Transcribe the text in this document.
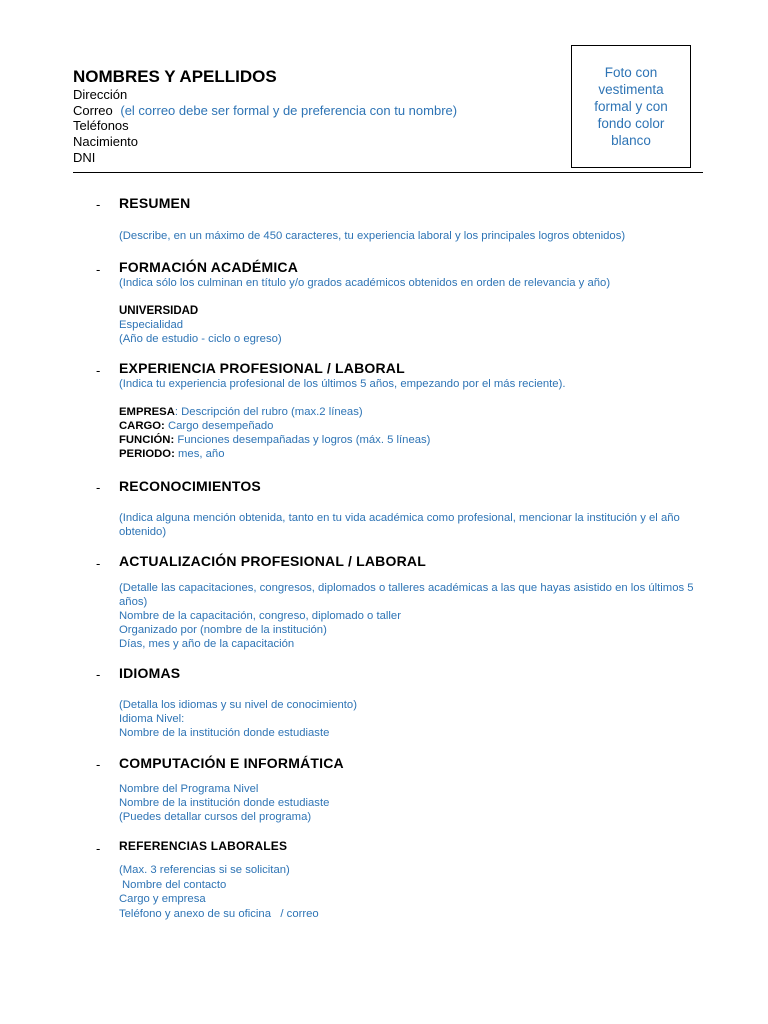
NOMBRES Y APELLIDOS
Dirección
Correo (el correo debe ser formal y de preferencia con tu nombre)
Teléfonos
Nacimiento
DNI
Foto con vestimenta formal y con fondo color blanco
- RESUMEN
(Describe, en un máximo de 450 caracteres, tu experiencia laboral y los principales logros obtenidos)
- FORMACIÓN ACADÉMICA
(Indica sólo los culminan en título y/o grados académicos obtenidos en orden de relevancia y año)
UNIVERSIDAD
Especialidad
(Año de estudio - ciclo o egreso)
- EXPERIENCIA PROFESIONAL / LABORAL
(Indica tu experiencia profesional de los últimos 5 años, empezando por el más reciente).
EMPRESA: Descripción del rubro (max.2 líneas)
CARGO: Cargo desempeñado
FUNCIÓN: Funciones desempañadas y logros (máx. 5 líneas)
PERIODO: mes, año
- RECONOCIMIENTOS
(Indica alguna mención obtenida, tanto en tu vida académica como profesional, mencionar la institución y el año obtenido)
- ACTUALIZACIÓN PROFESIONAL / LABORAL
(Detalle las capacitaciones, congresos, diplomados o talleres académicas a las que hayas asistido en los últimos 5 años)
Nombre de la capacitación, congreso, diplomado o taller
Organizado por (nombre de la institución)
Días, mes y año de la capacitación
- IDIOMAS
(Detalla los idiomas y su nivel de conocimiento)
Idioma Nivel:
Nombre de la institución donde estudiaste
- COMPUTACIÓN E INFORMÁTICA
Nombre del Programa Nivel
Nombre de la institución donde estudiaste
(Puedes detallar cursos del programa)
- REFERENCIAS LABORALES
(Max. 3 referencias si se solicitan)
Nombre del contacto
Cargo y empresa
Teléfono y anexo de su oficina   / correo
